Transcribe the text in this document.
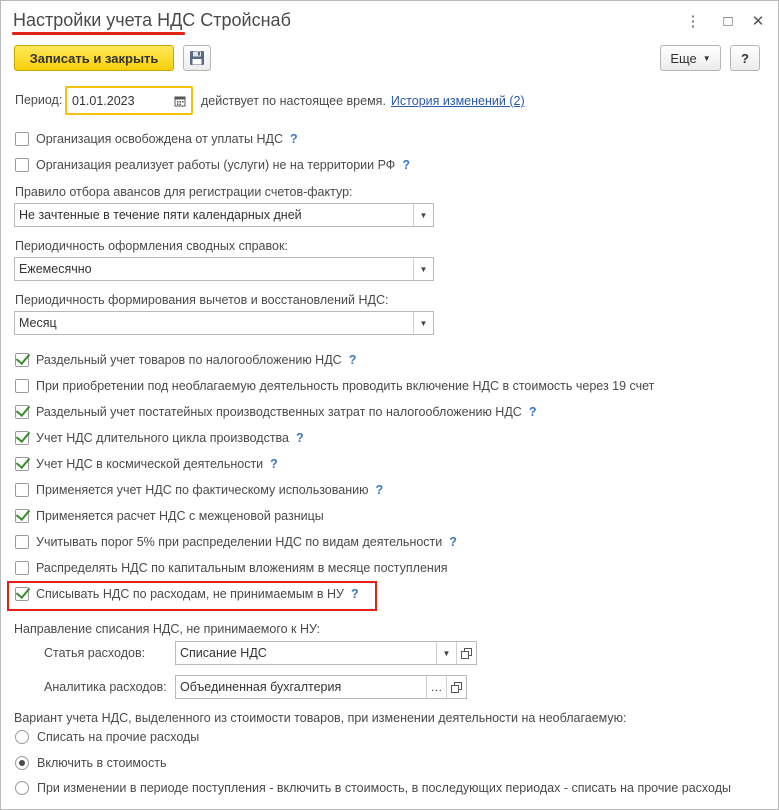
Настройки учета НДС Стройснаб	⋮ □ ✕
Записать и закрыть	Еще ▼	?
Период: 01.01.2023	действует по настоящее время. История изменений (2)
Организация освобождена от уплаты НДС ?
Организация реализует работы (услуги) не на территории РФ ?
Правило отбора авансов для регистрации счетов-фактур:
Не зачтенные в течение пяти календарных дней	▼
Периодичность оформления сводных справок:
Ежемесячно	▼
Периодичность формирования вычетов и восстановлений НДС:
Месяц	▼
Раздельный учет товаров по налогообложению НДС ?
При приобретении под необлагаемую деятельность проводить включение НДС в стоимость через 19 счет
Раздельный учет постатейных производственных затрат по налогообложению НДС ?
Учет НДС длительного цикла производства ?
Учет НДС в космической деятельности ?
Применяется учет НДС по фактическому использованию ?
Применяется расчет НДС с межценовой разницы
Учитывать порог 5% при распределении НДС по видам деятельности ?
Распределять НДС по капитальным вложениям в месяце поступления
Списывать НДС по расходам, не принимаемым в НУ ?
Направление списания НДС, не принимаемого к НУ:
Статья расходов:	Списание НДС	▼
Аналитика расходов:	Объединенная бухгалтерия	…
Вариант учета НДС, выделенного из стоимости товаров, при изменении деятельности на необлагаемую:
Списать на прочие расходы
Включить в стоимость
При изменении в периоде поступления - включить в стоимость, в последующих периодах - списать на прочие расходы
